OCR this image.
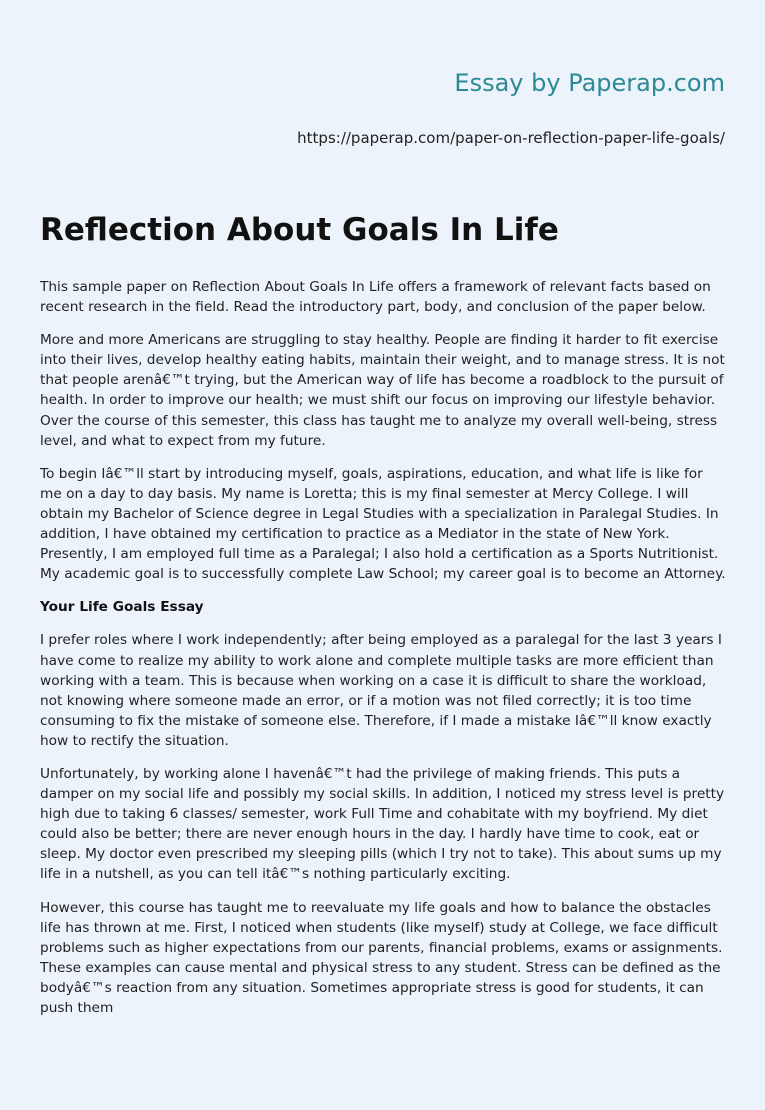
Essay by Paperap.com
https://paperap.com/paper-on-reflection-paper-life-goals/
Reflection About Goals In Life

This sample paper on Reflection About Goals In Life offers a framework of relevant facts based on recent research in the field. Read the introductory part, body, and conclusion of the paper below.

More and more Americans are struggling to stay healthy. People are finding it harder to fit exercise into their lives, develop healthy eating habits, maintain their weight, and to manage stress. It is not that people arenâ€™t trying, but the American way of life has become a roadblock to the pursuit of health. In order to improve our health; we must shift our focus on improving our lifestyle behavior. Over the course of this semester, this class has taught me to analyze my overall well-being, stress level, and what to expect from my future.

To begin Iâ€™ll start by introducing myself, goals, aspirations, education, and what life is like for me on a day to day basis. My name is Loretta; this is my final semester at Mercy College. I will obtain my Bachelor of Science degree in Legal Studies with a specialization in Paralegal Studies. In addition, I have obtained my certification to practice as a Mediator in the state of New York. Presently, I am employed full time as a Paralegal; I also hold a certification as a Sports Nutritionist. My academic goal is to successfully complete Law School; my career goal is to become an Attorney.

Your Life Goals Essay

I prefer roles where I work independently; after being employed as a paralegal for the last 3 years I have come to realize my ability to work alone and complete multiple tasks are more efficient than working with a team. This is because when working on a case it is difficult to share the workload, not knowing where someone made an error, or if a motion was not filed correctly; it is too time consuming to fix the mistake of someone else. Therefore, if I made a mistake Iâ€™ll know exactly how to rectify the situation.

Unfortunately, by working alone I havenâ€™t had the privilege of making friends. This puts a damper on my social life and possibly my social skills. In addition, I noticed my stress level is pretty high due to taking 6 classes/ semester, work Full Time and cohabitate with my boyfriend. My diet could also be better; there are never enough hours in the day. I hardly have time to cook, eat or sleep. My doctor even prescribed my sleeping pills (which I try not to take). This about sums up my life in a nutshell, as you can tell itâ€™s nothing particularly exciting.

However, this course has taught me to reevaluate my life goals and how to balance the obstacles life has thrown at me. First, I noticed when students (like myself) study at College, we face difficult problems such as higher expectations from our parents, financial problems, exams or assignments. These examples can cause mental and physical stress to any student. Stress can be defined as the bodyâ€™s reaction from any situation. Sometimes appropriate stress is good for students, it can push them
